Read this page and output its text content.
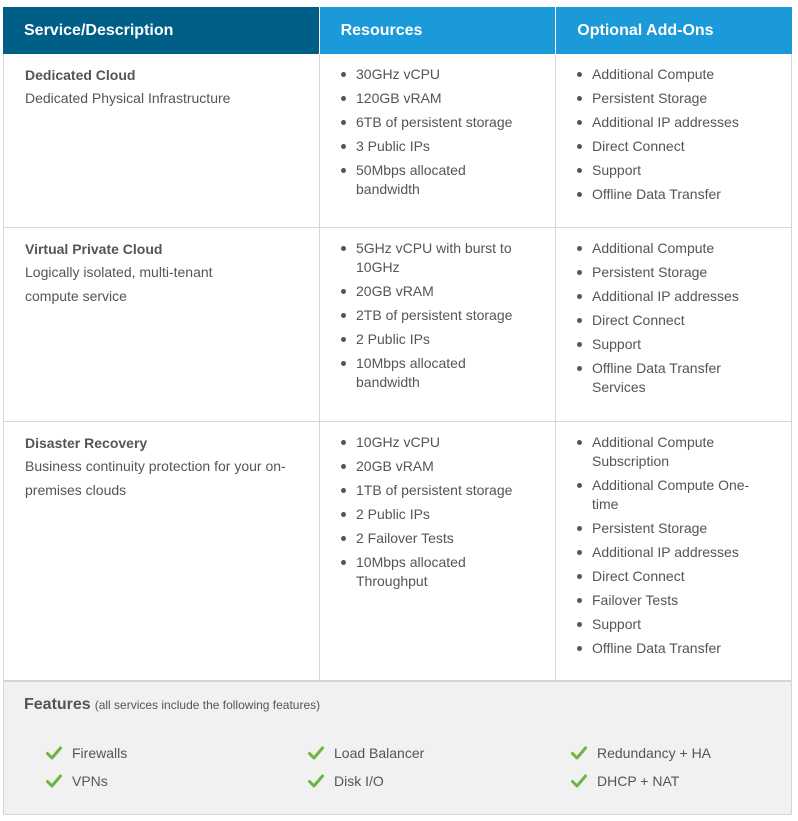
Service/Description	Resources	Optional Add-Ons
Dedicated Cloud
Dedicated Physical Infrastructure
30GHz vCPU
120GB vRAM
6TB of persistent storage
3 Public IPs
50Mbps allocated bandwidth
Additional Compute
Persistent Storage
Additional IP addresses
Direct Connect
Support
Offline Data Transfer
Virtual Private Cloud
Logically isolated, multi-tenant compute service
5GHz vCPU with burst to 10GHz
20GB vRAM
2TB of persistent storage
2 Public IPs
10Mbps allocated bandwidth
Additional Compute
Persistent Storage
Additional IP addresses
Direct Connect
Support
Offline Data Transfer Services
Disaster Recovery
Business continuity protection for your on-premises clouds
10GHz vCPU
20GB vRAM
1TB of persistent storage
2 Public IPs
2 Failover Tests
10Mbps allocated Throughput
Additional Compute Subscription
Additional Compute One-time
Persistent Storage
Additional IP addresses
Direct Connect
Failover Tests
Support
Offline Data Transfer
Features (all services include the following features)
Firewalls
VPNs
Load Balancer
Disk I/O
Redundancy + HA
DHCP + NAT
